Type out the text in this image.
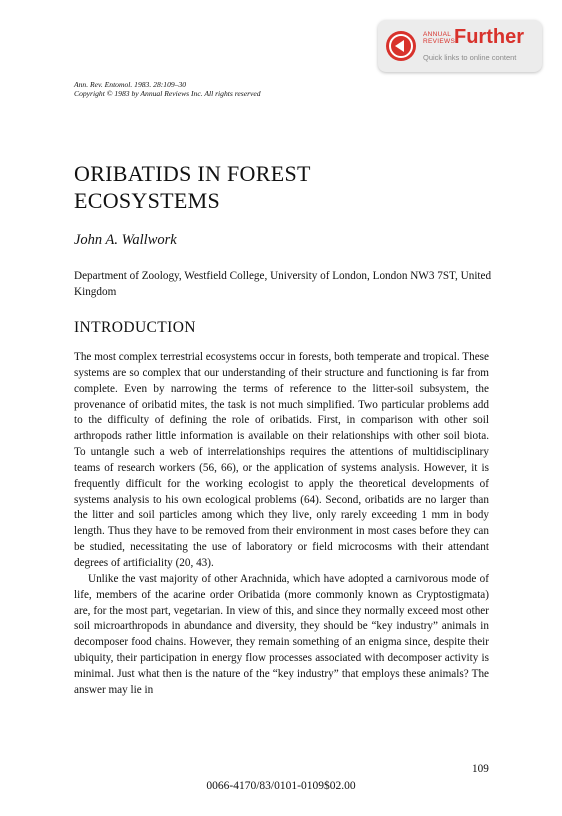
ANNUAL
REVIEWS
Further
Quick links to online content
Ann. Rev. Entomol. 1983. 28:109–30
Copyright © 1983 by Annual Reviews Inc. All rights reserved
ORIBATIDS IN FOREST
ECOSYSTEMS

John A. Wallwork

Department of Zoology, Westfield College, University of London, London NW3 7ST, United Kingdom

INTRODUCTION

The most complex terrestrial ecosystems occur in forests, both temperate and tropical. These systems are so complex that our understanding of their structure and functioning is far from complete. Even by narrowing the terms of reference to the litter-soil subsystem, the provenance of oribatid mites, the task is not much simplified. Two particular problems add to the difficulty of defining the role of oribatids. First, in comparison with other soil arthropods rather little information is available on their relationships with other soil biota. To untangle such a web of interrelationships requires the attentions of multidisciplinary teams of research workers (56, 66), or the application of systems analysis. However, it is frequently difficult for the working ecologist to apply the theoretical developments of systems analysis to his own ecological problems (64). Second, oribatids are no larger than the litter and soil particles among which they live, only rarely exceeding 1 mm in body length. Thus they have to be removed from their environment in most cases before they can be studied, necessitating the use of laboratory or field microcosms with their attendant degrees of artificiality (20, 43).

Unlike the vast majority of other Arachnida, which have adopted a carnivorous mode of life, members of the acarine order Oribatida (more commonly known as Cryptostigmata) are, for the most part, vegetarian. In view of this, and since they normally exceed most other soil microarthropods in abundance and diversity, they should be “key industry” animals in decomposer food chains. However, they remain something of an enigma since, despite their ubiquity, their participation in energy flow processes associated with decomposer activity is minimal. Just what then is the nature of the “key industry” that employs these animals? The answer may lie in

109
0066-4170/83/0101-0109$02.00
